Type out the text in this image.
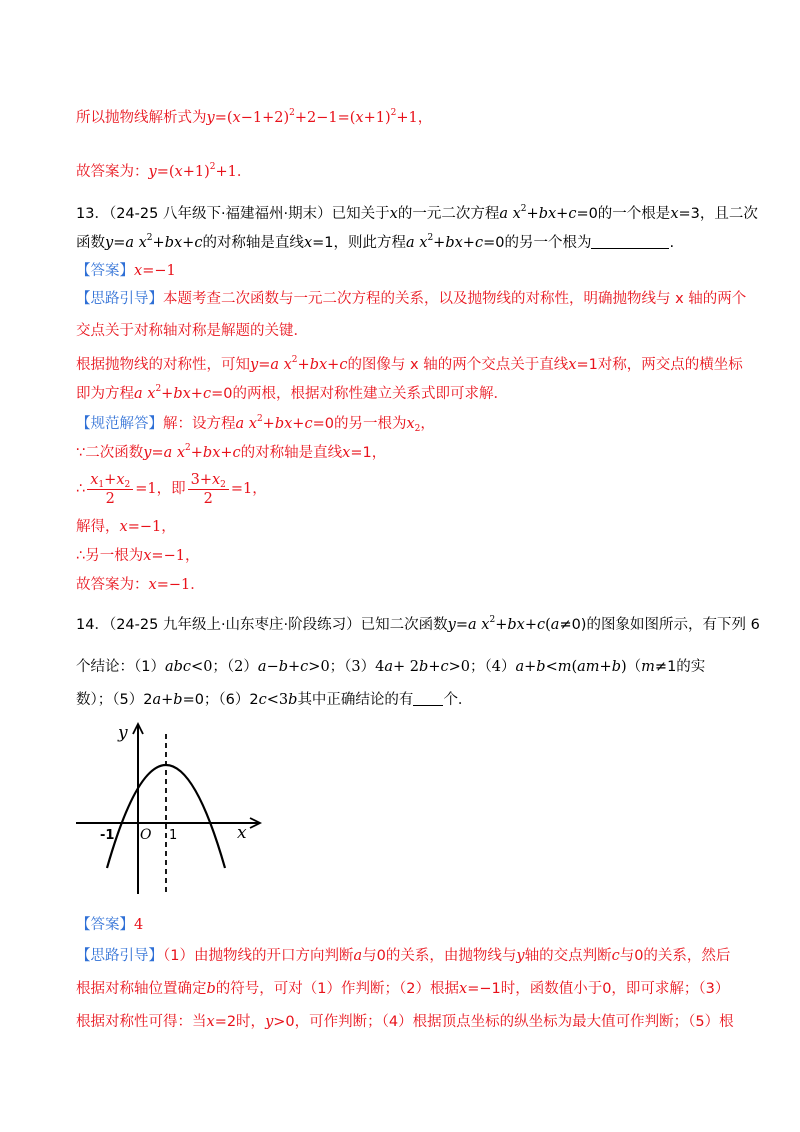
所以抛物线解析式为$y=(x-1+2)^2+2-1=(x+1)^2+1$，
故答案为：$y=(x+1)^2+1$．
13．（24-25 八年级下·福建福州·期末）已知关于x的一元二次方程a $x^2+bx+c=0$的一个根是x=3，且二次
函数y=a $x^2+bx+c$的对称轴是直线x=1，则此方程a $x^2+bx+c=0$的另一个根为	.
【答案】x=−1
【思路引导】本题考查二次函数与一元二次方程的关系，以及抛物线的对称性，明确抛物线与 x 轴的两个
交点关于对称轴对称是解题的关键．
根据抛物线的对称性，可知y=a $x^2+bx+c$的图像与 x 轴的两个交点关于直线x=1对称，两交点的横坐标
即为方程a $x^2+bx+c=0$的两根，根据对称性建立关系式即可求解．
【规范解答】解：设方程a $x^2+bx+c=0$的另一根为$x_2$，
∵二次函数y=a $x^2+bx+c$的对称轴是直线x=1，
∴ $\frac{x_1+x_2}{2} =1$，即 $\frac{3+x_2}{2} =1$，
解得，x=−1，
∴另一根为x=−1，
故答案为：x=−1．
14．（24-25 九年级上·山东枣庄·阶段练习）已知二次函数y=a $x^2+bx+c(a\ne 0)$的图象如图所示，有下列 6
个结论：（1）abc<0；（2）a−b+c>0；（3）4a+ 2b+c>0；（4）a+b<m(am+b)（m≠1的实
数）；（5）2a+b=0；（6）2c<3b其中正确结论的有 个．
y
x
-1 O 1
【答案】4
【思路引导】（1）由抛物线的开口方向判断a与0的关系，由抛物线与y轴的交点判断c与0的关系，然后
根据对称轴位置确定b的符号，可对（1）作判断；（2）根据x=−1时，函数值小于0，即可求解；（3）
根据对称性可得：当x=2时，y>0，可作判断；（4）根据顶点坐标的纵坐标为最大值可作判断；（5）根
